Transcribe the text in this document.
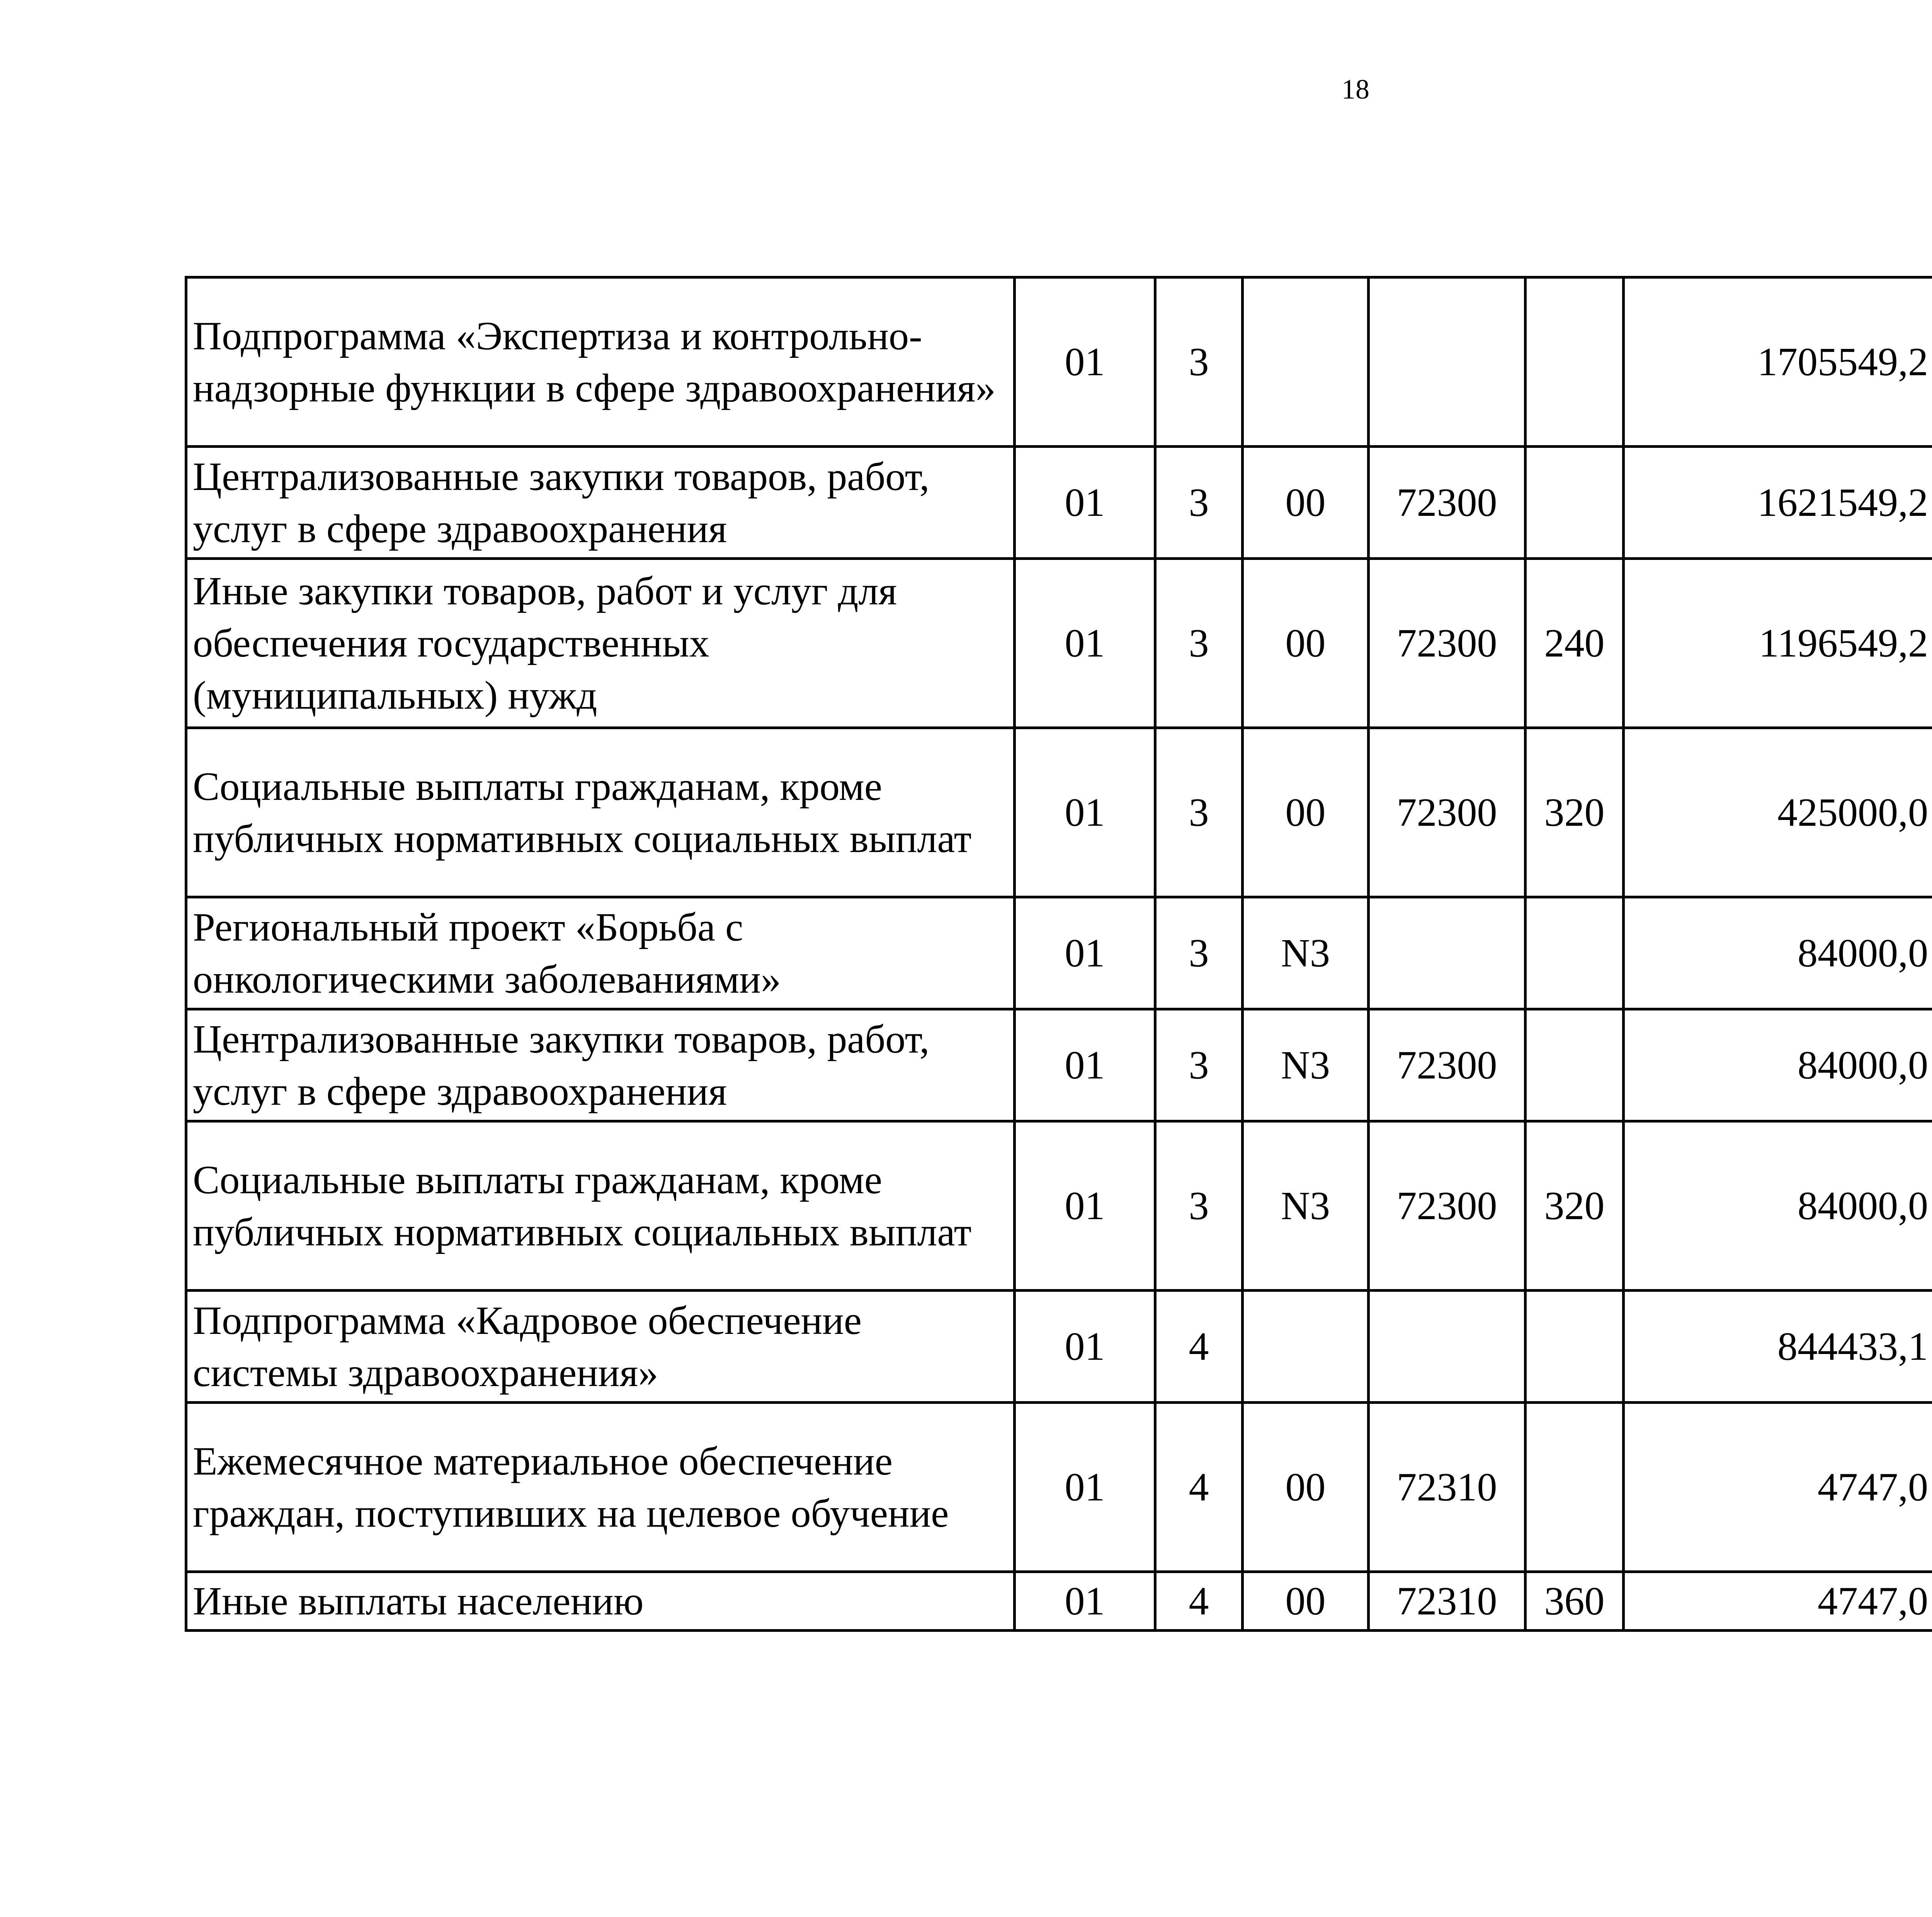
18
Подпрограмма «Экспертиза и контрольно-надзорные функции в сфере здравоохранения»	01	3				1705549,2		
Централизованные закупки товаров, работ, услуг в сфере здравоохранения	01	3	00	72300		1621549,2		
Иные закупки товаров, работ и услуг для обеспечения государственных (муниципальных) нужд	01	3	00	72300	240	1196549,2		
Социальные выплаты гражданам, кроме публичных нормативных социальных выплат	01	3	00	72300	320	425000,0		
Региональный проект «Борьба с онкологическими заболеваниями»	01	3	N3			84000,0		
Централизованные закупки товаров, работ, услуг в сфере здравоохранения	01	3	N3	72300		84000,0		
Социальные выплаты гражданам, кроме публичных нормативных социальных выплат	01	3	N3	72300	320	84000,0		
Подпрограмма «Кадровое обеспечение системы здравоохранения»	01	4				844433,1		
Ежемесячное материальное обеспечение граждан, поступивших на целевое обучение	01	4	00	72310		4747,0		
Иные выплаты населению	01	4	00	72310	360	4747,0		
